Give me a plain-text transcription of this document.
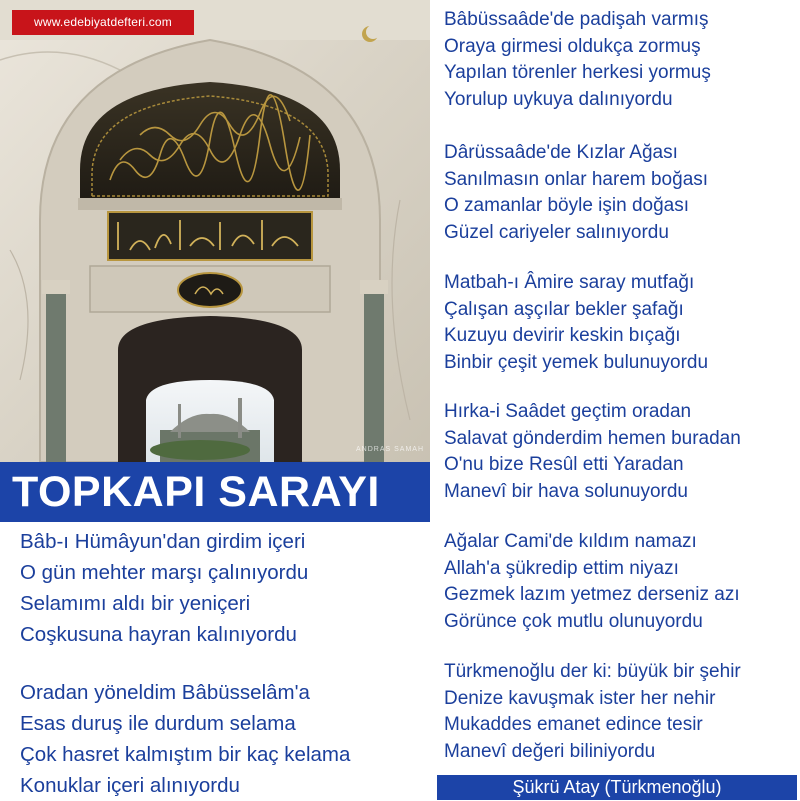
www.edebiyatdefteri.com
ANDRAS SAMAH
TOPKAPI SARAYI
Bâb-ı Hümâyun'dan girdim içeri
O gün mehter marşı çalınıyordu
Selamımı aldı bir yeniçeri
Coşkusuna hayran kalınıyordu
Oradan yöneldim Bâbüsselâm'a
Esas duruş ile durdum selama
Çok hasret kalmıştım bir kaç kelama
Konuklar içeri alınıyordu
Bâbüssaâde'de padişah varmış
Oraya girmesi oldukça zormuş
Yapılan törenler herkesi yormuş
Yorulup uykuya dalınıyordu
Dârüssaâde'de Kızlar Ağası
Sanılmasın onlar harem boğası
O zamanlar böyle işin doğası
Güzel cariyeler salınıyordu
Matbah-ı Âmire saray mutfağı
Çalışan aşçılar bekler şafağı
Kuzuyu devirir keskin bıçağı
Binbir çeşit yemek bulunuyordu
Hırka-i Saâdet geçtim oradan
Salavat gönderdim hemen buradan
O'nu bize Resûl etti Yaradan
Manevî bir hava solunuyordu
Ağalar Cami'de kıldım namazı
Allah'a şükredip ettim niyazı
Gezmek lazım yetmez derseniz azı
Görünce çok mutlu olunuyordu
Türkmenoğlu der ki: büyük bir şehir
Denize kavuşmak ister her nehir
Mukaddes emanet edince tesir
Manevî değeri biliniyordu
Şükrü Atay (Türkmenoğlu)
